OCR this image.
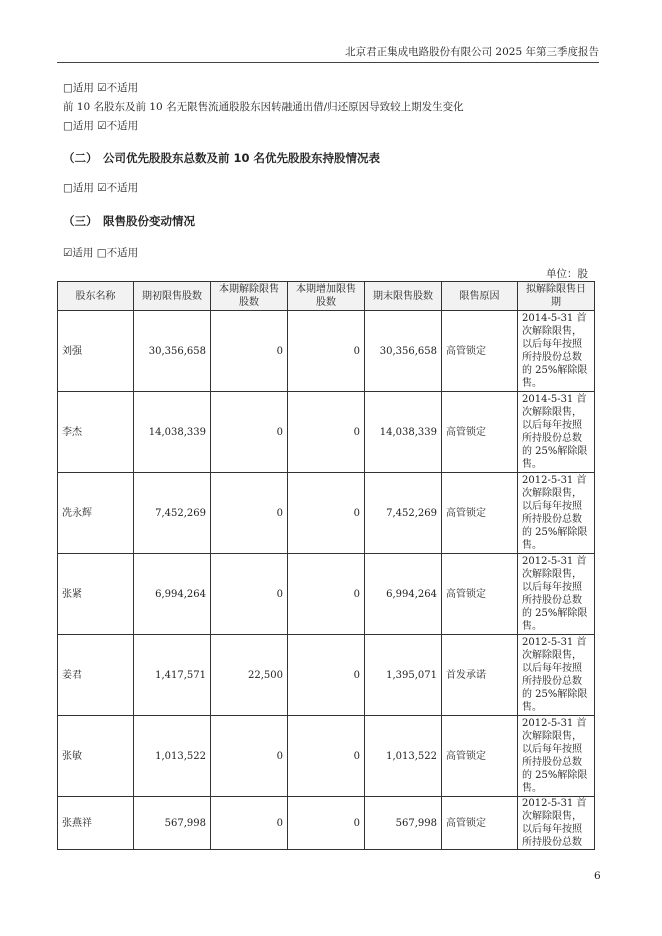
北京君正集成电路股份有限公司 2025 年第三季度报告
□适用 ☑不适用
前 10 名股东及前 10 名无限售流通股股东因转融通出借/归还原因导致较上期发生变化
□适用 ☑不适用
（二） 公司优先股股东总数及前 10 名优先股股东持股情况表
□适用 ☑不适用
（三） 限售股份变动情况
☑适用 □不适用
单位：股
股东名称	期初限售股数	本期解除限售股数	本期增加限售股数	期末限售股数	限售原因	拟解除限售日期
刘强	30,356,658	0	0	30,356,658	高管锁定	2014-5-31 首次解除限售，以后每年按照所持股份总数的 25%解除限售。
李杰	14,038,339	0	0	14,038,339	高管锁定	2014-5-31 首次解除限售，以后每年按照所持股份总数的 25%解除限售。
冼永辉	7,452,269	0	0	7,452,269	高管锁定	2012-5-31 首次解除限售，以后每年按照所持股份总数的 25%解除限售。
张紧	6,994,264	0	0	6,994,264	高管锁定	2012-5-31 首次解除限售，以后每年按照所持股份总数的 25%解除限售。
姜君	1,417,571	22,500	0	1,395,071	首发承诺	2012-5-31 首次解除限售，以后每年按照所持股份总数的 25%解除限售。
张敏	1,013,522	0	0	1,013,522	高管锁定	2012-5-31 首次解除限售，以后每年按照所持股份总数的 25%解除限售。
张燕祥	567,998	0	0	567,998	高管锁定	2012-5-31 首次解除限售，以后每年按照所持股份总数
6
